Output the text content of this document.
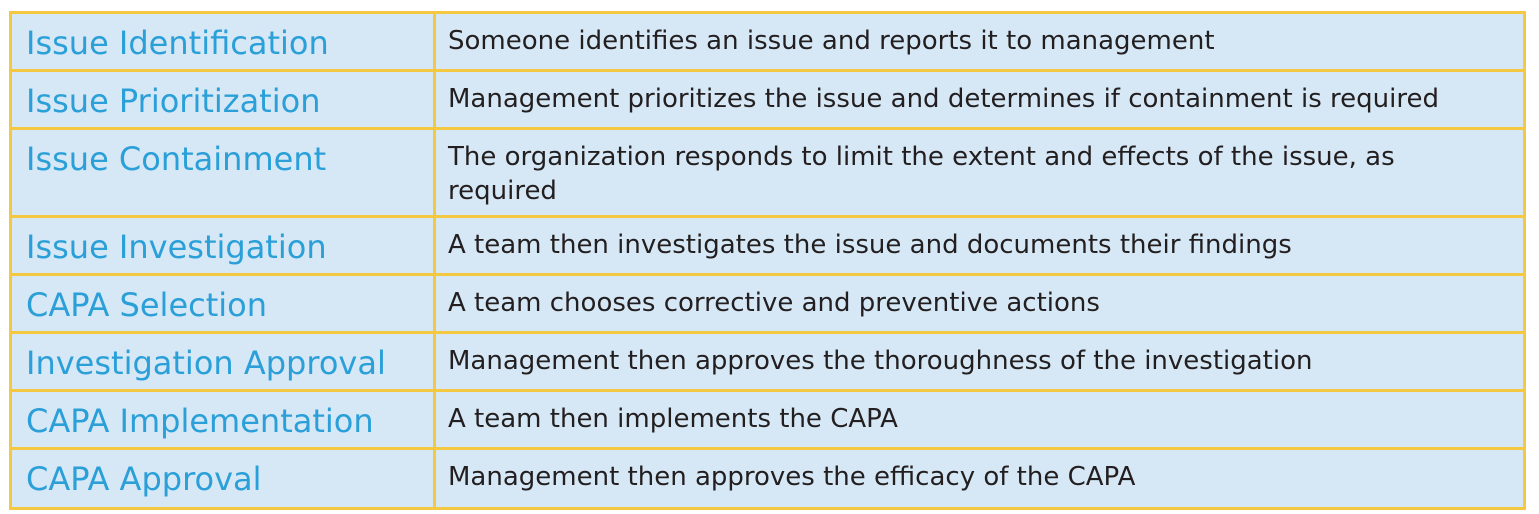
Issue Identification	Someone identifies an issue and reports it to management
Issue Prioritization	Management prioritizes the issue and determines if containment is required
Issue Containment	The organization responds to limit the extent and effects of the issue, as required
Issue Investigation	A team then investigates the issue and documents their findings
CAPA Selection	A team chooses corrective and preventive actions
Investigation Approval	Management then approves the thoroughness of the investigation
CAPA Implementation	A team then implements the CAPA
CAPA Approval	Management then approves the efficacy of the CAPA
